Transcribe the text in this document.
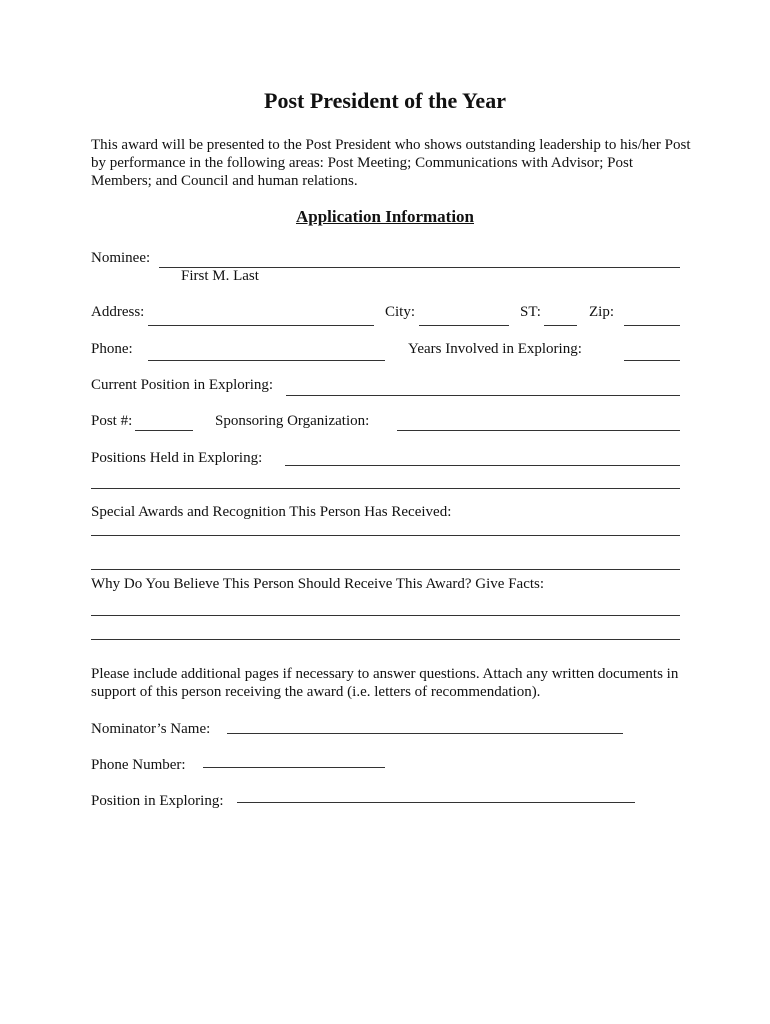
Post President of the Year
This award will be presented to the Post President who shows outstanding leadership to his/her Post by performance in the following areas: Post Meeting; Communications with Advisor; Post Members; and Council and human relations.
Application Information
Nominee:
First M. Last
Address:	City:	ST:	Zip:
Phone:	Years Involved in Exploring:
Current Position in Exploring:
Post #:	Sponsoring Organization:
Positions Held in Exploring:
Special Awards and Recognition This Person Has Received:
Why Do You Believe This Person Should Receive This Award? Give Facts:
Please include additional pages if necessary to answer questions. Attach any written documents in support of this person receiving the award (i.e. letters of recommendation).
Nominator’s Name:
Phone Number:
Position in Exploring:
